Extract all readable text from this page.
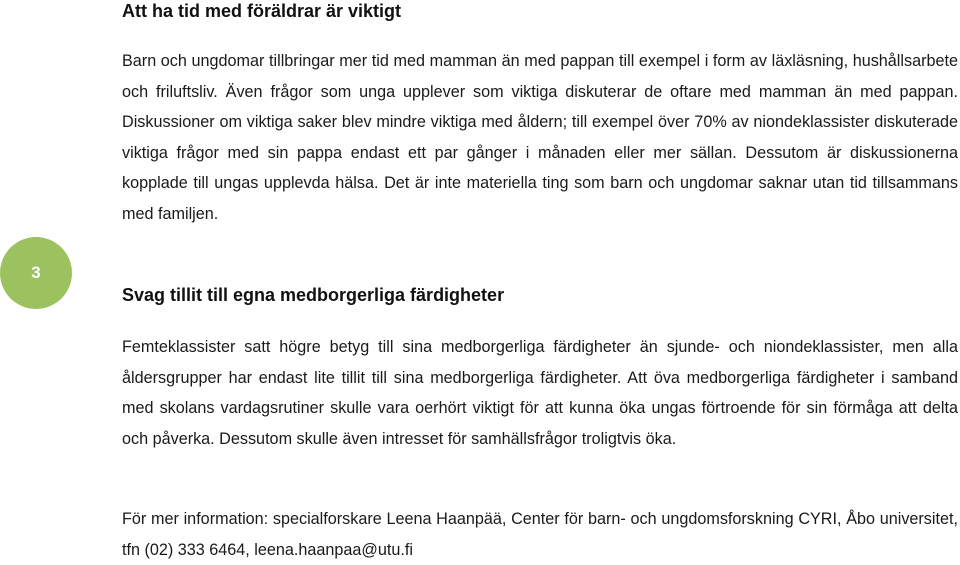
3
Att ha tid med föräldrar är viktigt

Barn och ungdomar tillbringar mer tid med mamman än med pappan till exempel i form av läxläsning, hushållsarbete och friluftsliv. Även frågor som unga upplever som viktiga diskuterar de oftare med mamman än med pappan. Diskussioner om viktiga saker blev mindre viktiga med åldern; till exempel över 70% av niondeklassister diskuterade viktiga frågor med sin pappa endast ett par gånger i månaden eller mer sällan. Dessutom är diskussionerna kopplade till ungas upplevda hälsa. Det är inte materiella ting som barn och ungdomar saknar utan tid tillsammans med familjen.

Svag tillit till egna medborgerliga färdigheter

Femteklassister satt högre betyg till sina medborgerliga färdigheter än sjunde- och niondeklassister, men alla åldersgrupper har endast lite tillit till sina medborgerliga färdigheter. Att öva medborgerliga färdigheter i samband med skolans vardagsrutiner skulle vara oerhört viktigt för att kunna öka ungas förtroende för sin förmåga att delta och påverka. Dessutom skulle även intresset för samhällsfrågor troligtvis öka.

För mer information: specialforskare Leena Haanpää, Center för barn- och ungdomsforskning CYRI, Åbo universitet, tfn (02) 333 6464, leena.haanpaa@utu.fi
